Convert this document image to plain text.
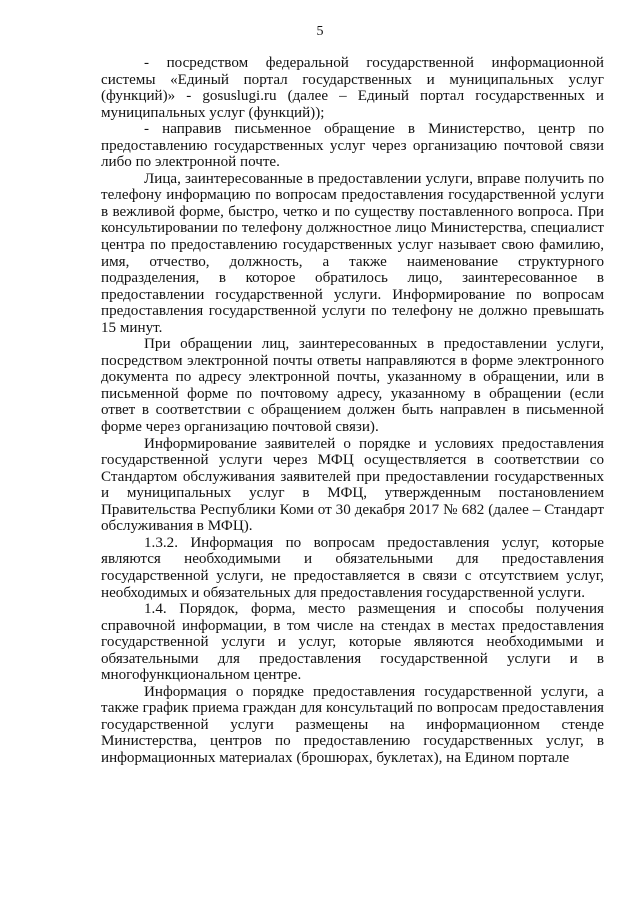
5

- посредством федеральной государственной информационной системы «Единый портал государственных и муниципальных услуг (функций)» - gosuslugi.ru (далее – Единый портал государственных и муниципальных услуг (функций));

- направив письменное обращение в Министерство, центр по предоставлению государственных услуг через организацию почтовой связи либо по электронной почте.

Лица, заинтересованные в предоставлении услуги, вправе получить по телефону информацию по вопросам предоставления государственной услуги в вежливой форме, быстро, четко и по существу поставленного вопроса. При консультировании по телефону должностное лицо Министерства, специалист центра по предоставлению государственных услуг называет свою фамилию, имя, отчество, должность, а также наименование структурного подразделения, в которое обратилось лицо, заинтересованное в предоставлении государственной услуги. Информирование по вопросам предоставления государственной услуги по телефону не должно превышать 15 минут.

При обращении лиц, заинтересованных в предоставлении услуги, посредством электронной почты ответы направляются в форме электронного документа по адресу электронной почты, указанному в обращении, или в письменной форме по почтовому адресу, указанному в обращении (если ответ в соответствии с обращением должен быть направлен в письменной форме через организацию почтовой связи).

Информирование заявителей о порядке и условиях предоставления государственной услуги через МФЦ осуществляется в соответствии со Стандартом обслуживания заявителей при предоставлении государственных и муниципальных услуг в МФЦ, утвержденным постановлением Правительства Республики Коми от 30 декабря 2017 № 682 (далее – Стандарт обслуживания в МФЦ).

1.3.2. Информация по вопросам предоставления услуг, которые являются необходимыми и обязательными для предоставления государственной услуги, не предоставляется в связи с отсутствием услуг, необходимых и обязательных для предоставления государственной услуги.

1.4. Порядок, форма, место размещения и способы получения справочной информации, в том числе на стендах в местах предоставления государственной услуги и услуг, которые являются необходимыми и обязательными для предоставления государственной услуги и в многофункциональном центре.

Информация о порядке предоставления государственной услуги, а также график приема граждан для консультаций по вопросам предоставления государственной услуги размещены на информационном стенде Министерства, центров по предоставлению государственных услуг, в информационных материалах (брошюрах, буклетах), на Едином портале
